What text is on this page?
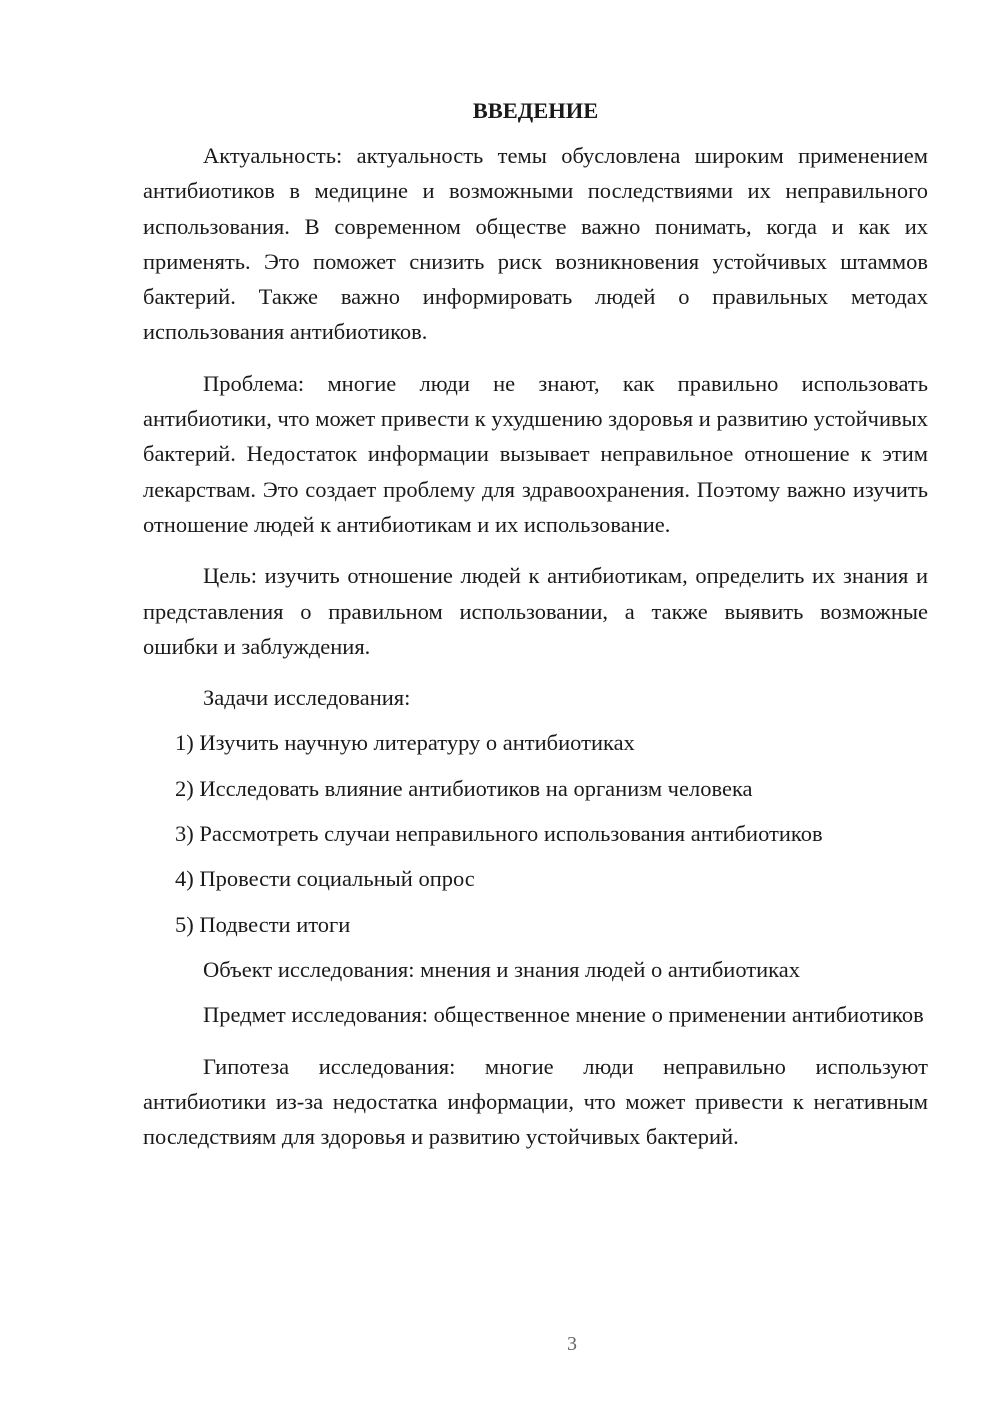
ВВЕДЕНИЕ

Актуальность: актуальность темы обусловлена широким применением антибиотиков в медицине и возможными последствиями их неправильного использования. В современном обществе важно понимать, когда и как их применять. Это поможет снизить риск возникновения устойчивых штаммов бактерий. Также важно информировать людей о правильных методах использования антибиотиков.

Проблема: многие люди не знают, как правильно использовать антибиотики, что может привести к ухудшению здоровья и развитию устойчивых бактерий. Недостаток информации вызывает неправильное отношение к этим лекарствам. Это создает проблему для здравоохранения. Поэтому важно изучить отношение людей к антибиотикам и их использование.

Цель: изучить отношение людей к антибиотикам, определить их знания и представления о правильном использовании, а также выявить возможные ошибки и заблуждения.

Задачи исследования:
1) Изучить научную литературу о антибиотиках
2) Исследовать влияние антибиотиков на организм человека
3) Рассмотреть случаи неправильного использования антибиотиков
4) Провести социальный опрос
5) Подвести итоги
Объект исследования: мнения и знания людей о антибиотиках

Предмет исследования: общественное мнение о применении антибиотиков

Гипотеза исследования: многие люди неправильно используют антибиотики из-за недостатка информации, что может привести к негативным последствиям для здоровья и развитию устойчивых бактерий.

3
